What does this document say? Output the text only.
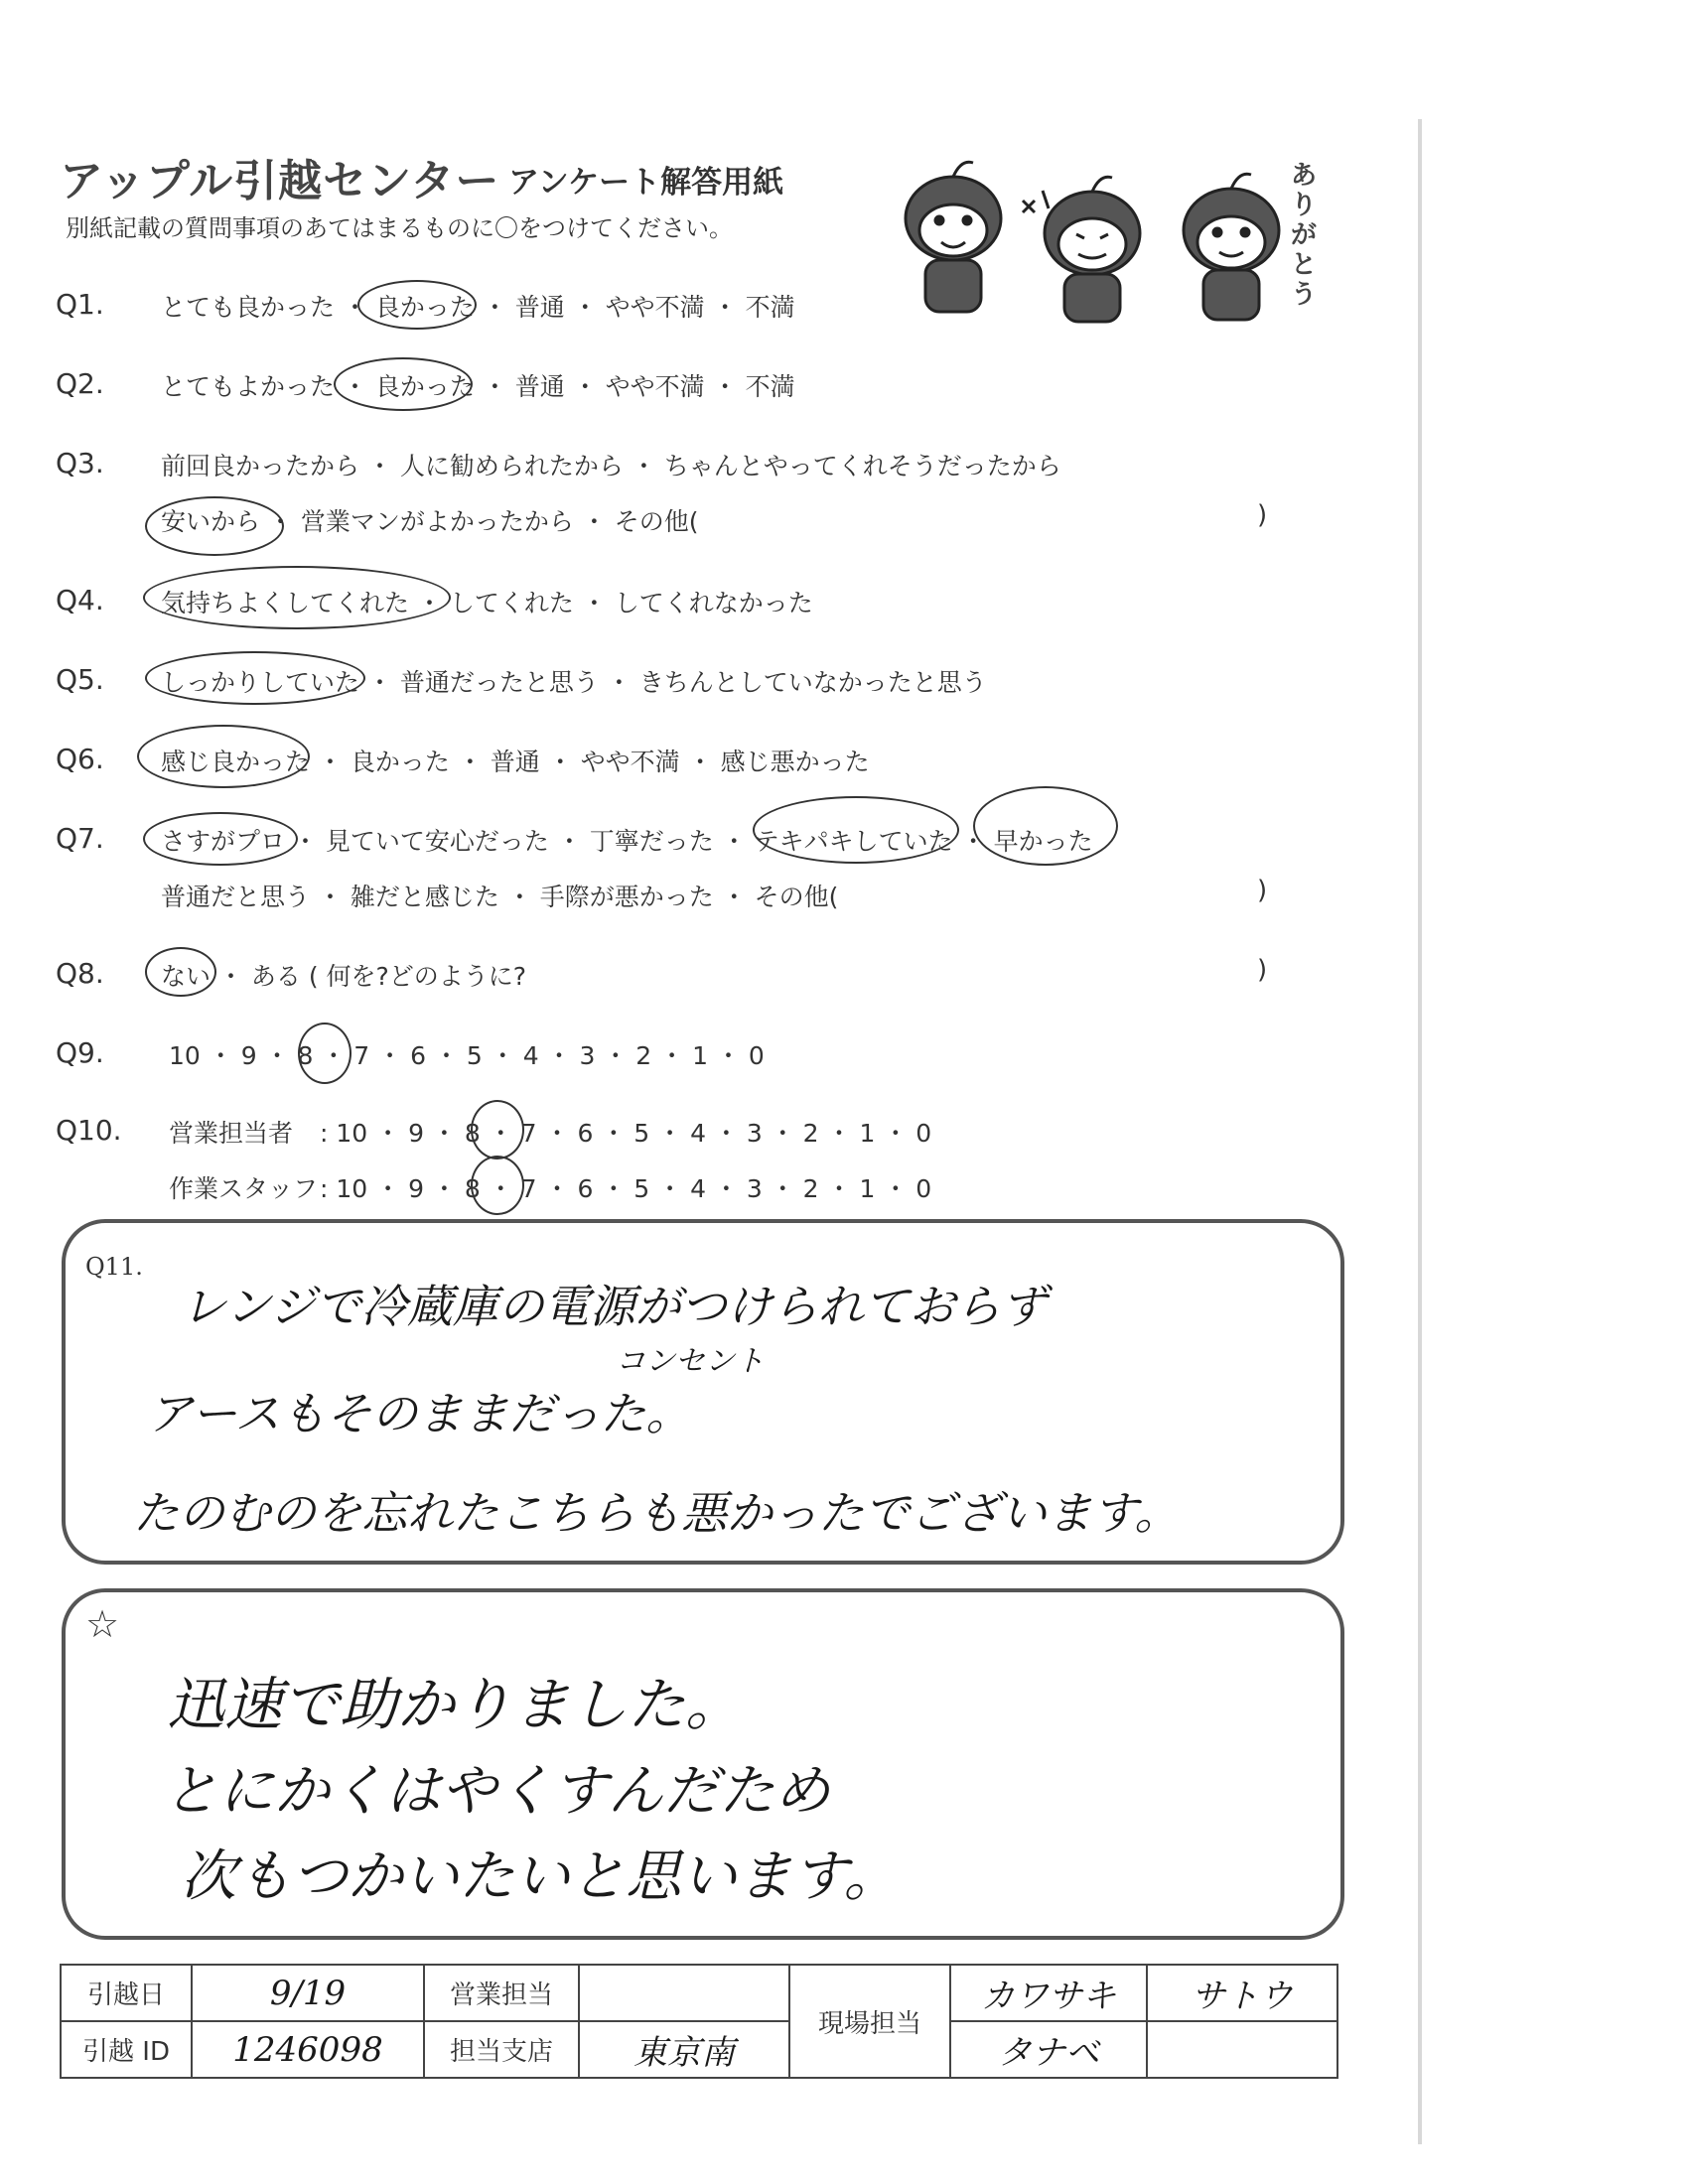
アップル引越センター アンケート解答用紙
別紙記載の質問事項のあてはまるものに〇をつけてください。
ありがとう
Q1. とても良かった ・ 良かった ・ 普通 ・ やや不満 ・ 不満
Q2. とてもよかった ・ 良かった ・ 普通 ・ やや不満 ・ 不満
Q3. 前回良かったから ・ 人に勧められたから ・ ちゃんとやってくれそうだったから
安いから ・ 営業マンがよかったから ・ その他(	)
Q4. 気持ちよくしてくれた ・ してくれた ・ してくれなかった
Q5. しっかりしていた ・ 普通だったと思う ・ きちんとしていなかったと思う
Q6. 感じ良かった ・ 良かった ・ 普通 ・ やや不満 ・ 感じ悪かった
Q7. さすがプロ ・ 見ていて安心だった ・ 丁寧だった ・ テキパキしていた ・ 早かった
普通だと思う ・ 雑だと感じた ・ 手際が悪かった ・ その他(	)
Q8. ない ・ ある ( 何を?どのように?	)
Q9.	10 ・ 9 ・ 8 ・ 7 ・ 6 ・ 5 ・ 4 ・ 3 ・ 2 ・ 1 ・ 0
Q10. 営業担当者 : 10 ・ 9 ・ 8 ・ 7 ・ 6 ・ 5 ・ 4 ・ 3 ・ 2 ・ 1 ・ 0
作業スタッフ : 10 ・ 9 ・ 8 ・ 7 ・ 6 ・ 5 ・ 4 ・ 3 ・ 2 ・ 1 ・ 0
Q11.
レンジで冷蔵庫の電源がつけられておらず
コンセント
アースもそのままだった。
たのむのを忘れたこちらも悪かったでございます。
☆
迅速で助かりました。
とにかくはやくすんだため
次もつかいたいと思います。
引越日	9/19	営業担当		現場担当	カワサキ	サトウ
引越 ID	1246098	担当支店	東京南		タナベ	
